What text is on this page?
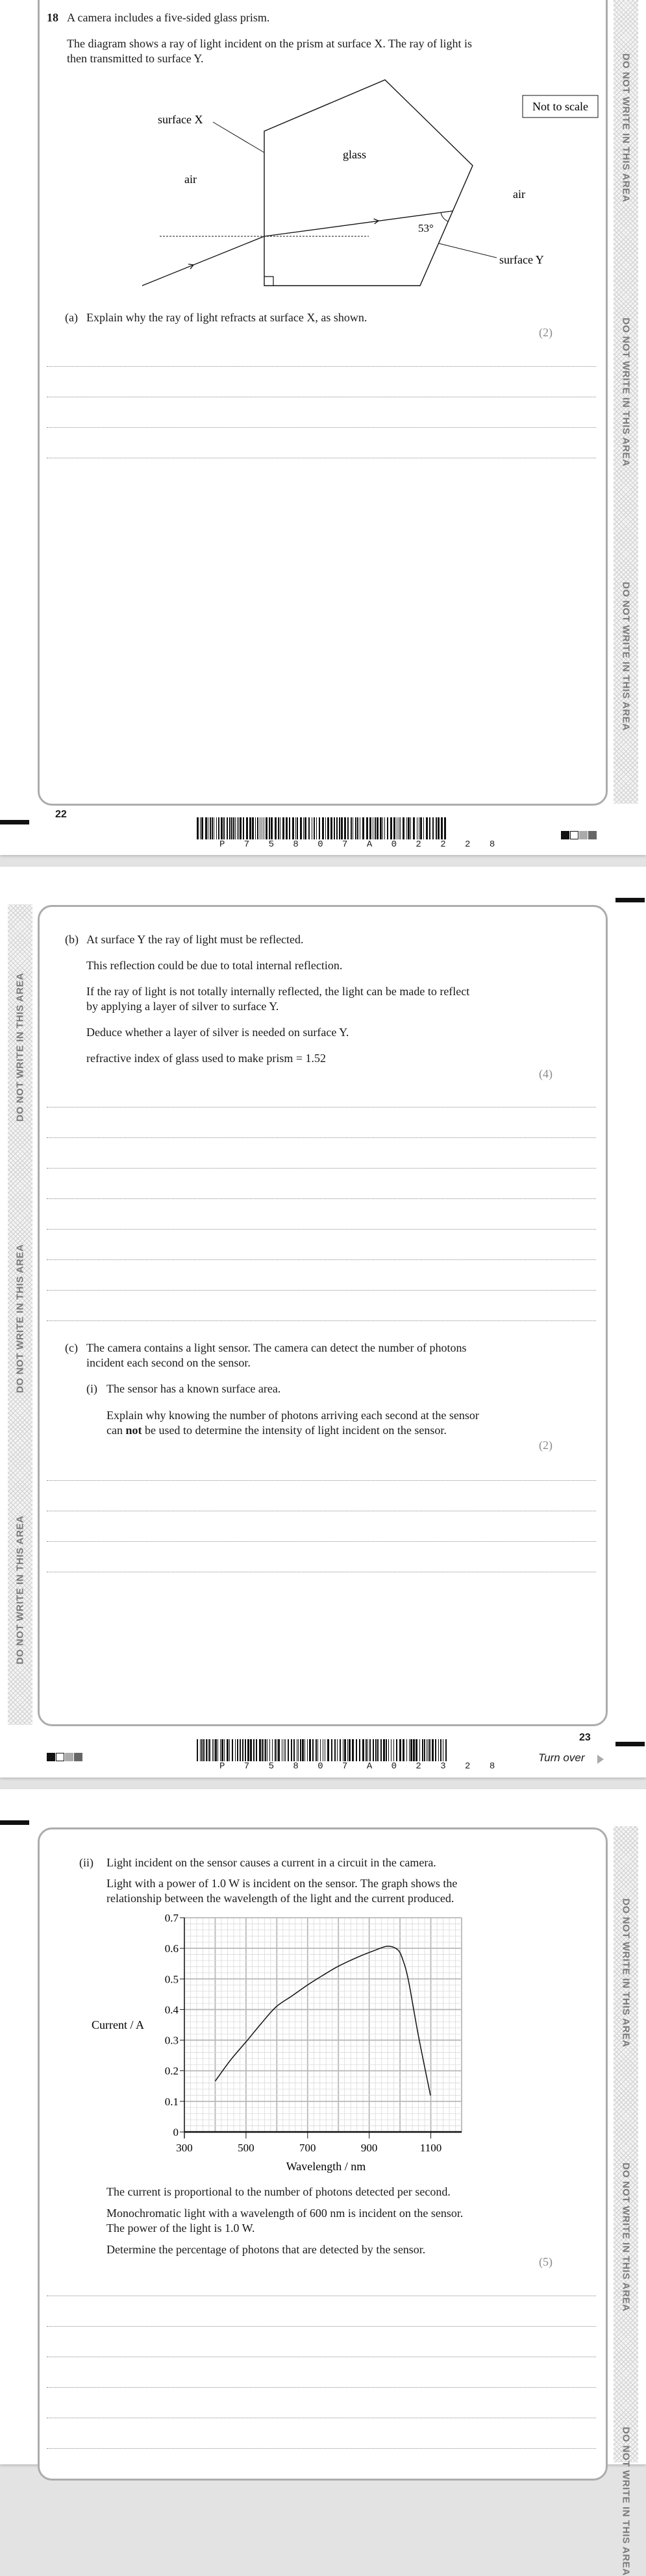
DO NOT WRITE IN THIS AREA
DO NOT WRITE IN THIS AREA
DO NOT WRITE IN THIS AREA
18 A camera includes a five-sided glass prism.
The diagram shows a ray of light incident on the prism at surface X. The ray of light is
then transmitted to surface Y.
surface X
air
glass
air
53°
surface Y
Not to scale
(a) Explain why the ray of light refracts at surface X, as shown.
(2)
22
P 7 5 8 0 7 A 0 2 2 2 8
DO NOT WRITE IN THIS AREA
DO NOT WRITE IN THIS AREA
DO NOT WRITE IN THIS AREA
(b) At surface Y the ray of light must be reflected.
This reflection could be due to total internal reflection.
If the ray of light is not totally internally reflected, the light can be made to reflect
by applying a layer of silver to surface Y.
Deduce whether a layer of silver is needed on surface Y.
refractive index of glass used to make prism = 1.52
(4)
(c) The camera contains a light sensor. The camera can detect the number of photons
incident each second on the sensor.
(i) The sensor has a known surface area.
Explain why knowing the number of photons arriving each second at the sensor
can not be used to determine the intensity of light incident on the sensor.
(2)
P 7 5 8 0 7 A 0 2 3 2 8
23
Turn over
DO NOT WRITE IN THIS AREA
DO NOT WRITE IN THIS AREA
DO NOT WRITE IN THIS AREA
(ii) Light incident on the sensor causes a current in a circuit in the camera.
Light with a power of 1.0 W is incident on the sensor. The graph shows the
relationship between the wavelength of the light and the current produced.
0
0.1
0.2
0.3
0.4
0.5
0.6
0.7
300	500	700	900	1100
Current / A
Wavelength / nm
The current is proportional to the number of photons detected per second.
Monochromatic light with a wavelength of 600 nm is incident on the sensor.
The power of the light is 1.0 W.
Determine the percentage of photons that are detected by the sensor.
(5)
